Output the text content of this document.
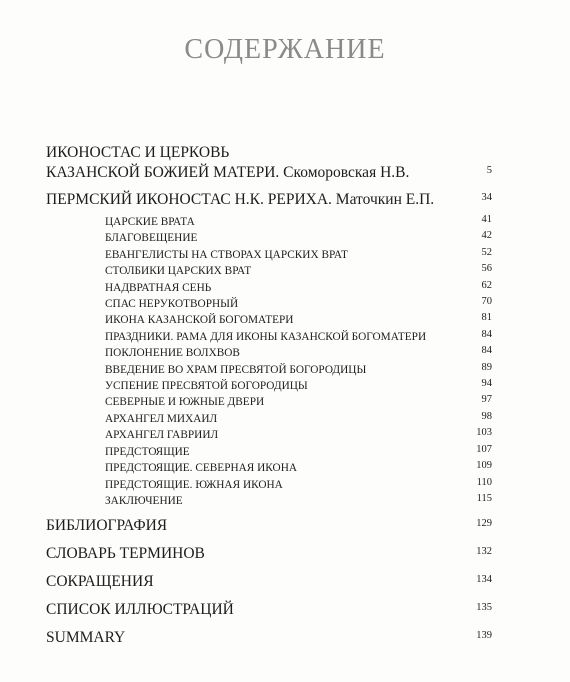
СОДЕРЖАНИЕ
ИКОНОСТАС И ЦЕРКОВЬ
КАЗАНСКОЙ БОЖИЕЙ МАТЕРИ. Скоморовская Н.В.	5
ПЕРМСКИЙ ИКОНОСТАС Н.К. РЕРИХА. Маточкин Е.П.	34
ЦАРСКИЕ ВРАТА	41
БЛАГОВЕЩЕНИЕ	42
ЕВАНГЕЛИСТЫ НА СТВОРАХ ЦАРСКИХ ВРАТ	52
СТОЛБИКИ ЦАРСКИХ ВРАТ	56
НАДВРАТНАЯ СЕНЬ	62
СПАС НЕРУКОТВОРНЫЙ	70
ИКОНА КАЗАНСКОЙ БОГОМАТЕРИ	81
ПРАЗДНИКИ. РАМА ДЛЯ ИКОНЫ КАЗАНСКОЙ БОГОМАТЕРИ	84
ПОКЛОНЕНИЕ ВОЛХВОВ	84
ВВЕДЕНИЕ ВО ХРАМ ПРЕСВЯТОЙ БОГОРОДИЦЫ	89
УСПЕНИЕ ПРЕСВЯТОЙ БОГОРОДИЦЫ	94
СЕВЕРНЫЕ И ЮЖНЫЕ ДВЕРИ	97
АРХАНГЕЛ МИХАИЛ	98
АРХАНГЕЛ ГАВРИИЛ	103
ПРЕДСТОЯЩИЕ	107
ПРЕДСТОЯЩИЕ. СЕВЕРНАЯ ИКОНА	109
ПРЕДСТОЯЩИЕ. ЮЖНАЯ ИКОНА	110
ЗАКЛЮЧЕНИЕ	115
БИБЛИОГРАФИЯ	129
СЛОВАРЬ ТЕРМИНОВ	132
СОКРАЩЕНИЯ	134
СПИСОК ИЛЛЮСТРАЦИЙ	135
SUMMARY	139
